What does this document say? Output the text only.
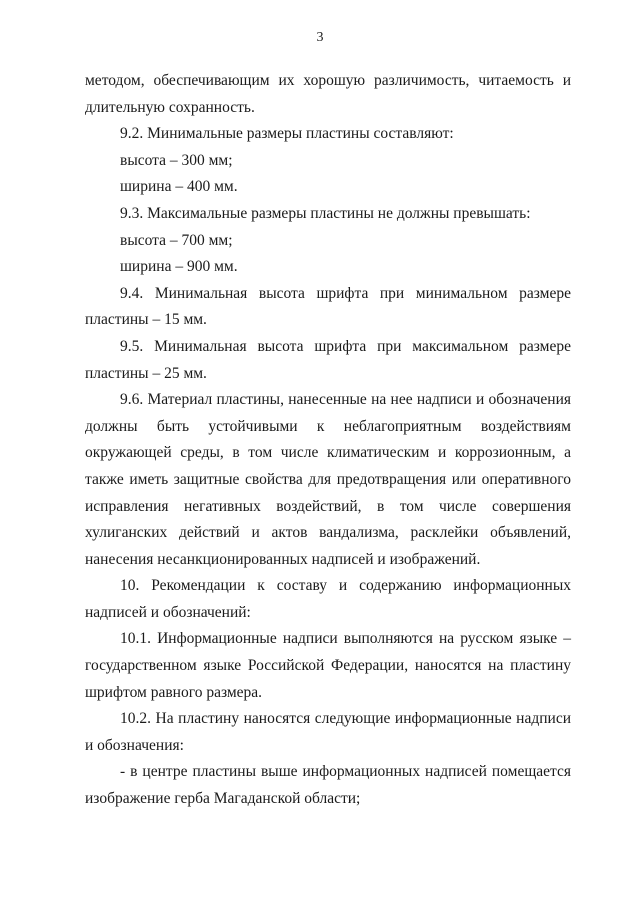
3

методом, обеспечивающим их хорошую различимость, читаемость и длительную сохранность.

9.2. Минимальные размеры пластины составляют:

высота – 300 мм;

ширина – 400 мм.

9.3. Максимальные размеры пластины не должны превышать:

высота – 700 мм;

ширина – 900 мм.

9.4. Минимальная высота шрифта при минимальном размере пластины – 15 мм.

9.5. Минимальная высота шрифта при максимальном размере пластины – 25 мм.

9.6. Материал пластины, нанесенные на нее надписи и обозначения должны быть устойчивыми к неблагоприятным воздействиям окружающей среды, в том числе климатическим и коррозионным, а также иметь защитные свойства для предотвращения или оперативного исправления негативных воздействий, в том числе совершения хулиганских действий и актов вандализма, расклейки объявлений, нанесения несанкционированных надписей и изображений.

10. Рекомендации к составу и содержанию информационных надписей и обозначений:

10.1. Информационные надписи выполняются на русском языке – государственном языке Российской Федерации, наносятся на пластину шрифтом равного размера.

10.2. На пластину наносятся следующие информационные надписи и обозначения:

- в центре пластины выше информационных надписей помещается изображение герба Магаданской области;
